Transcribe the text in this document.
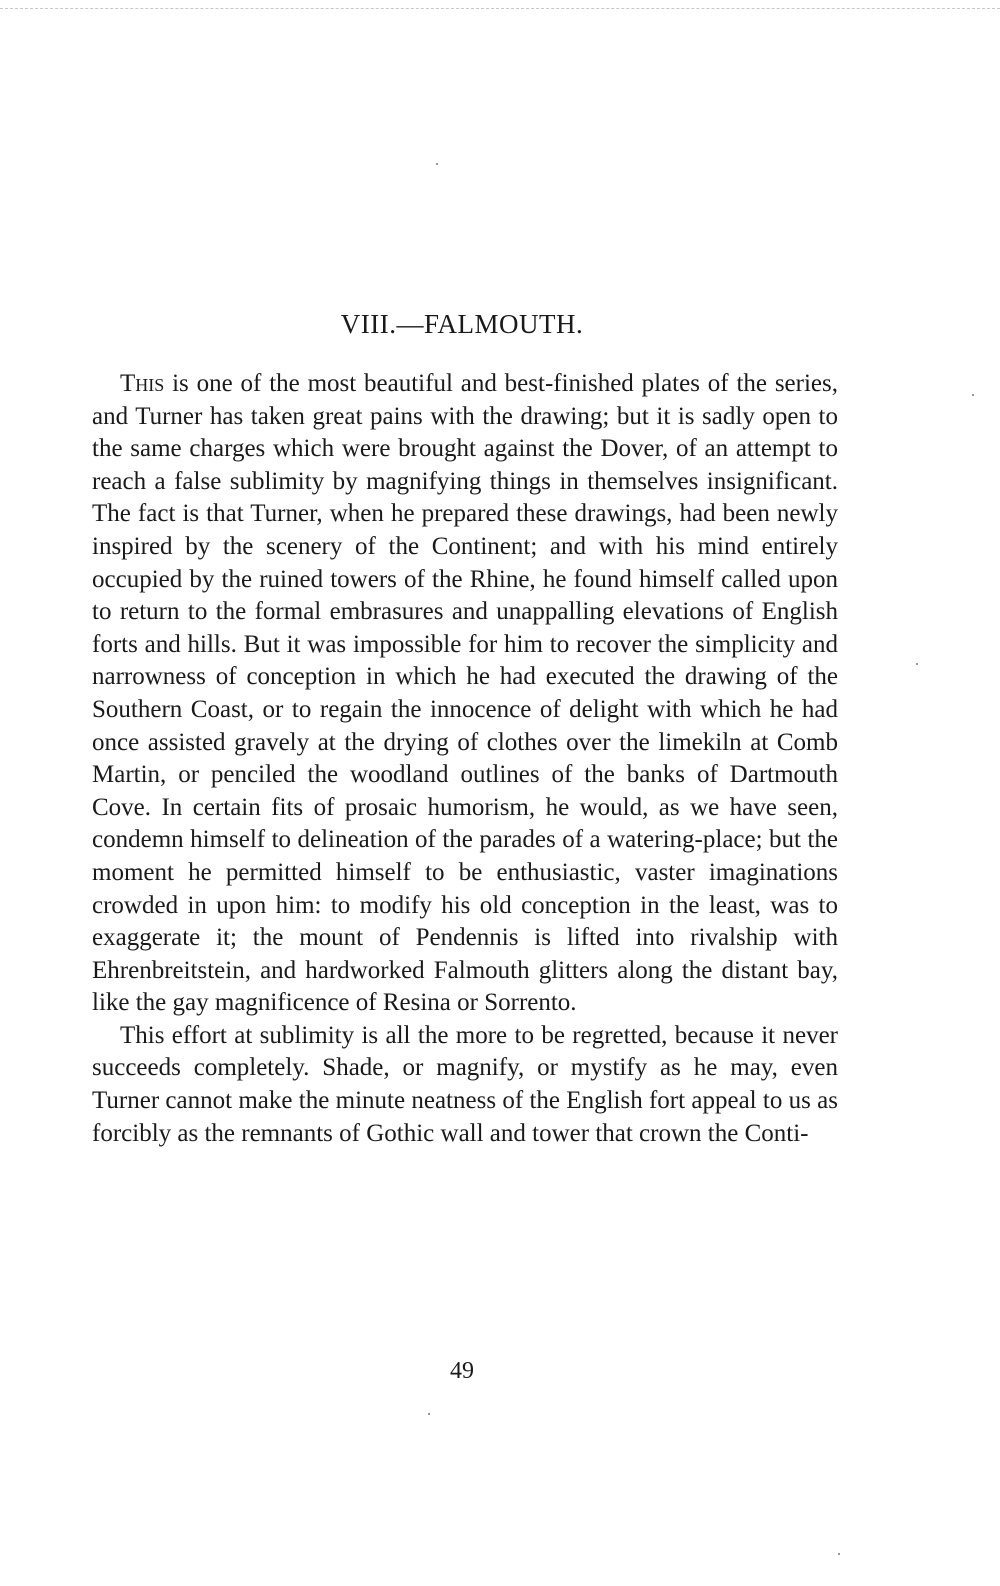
VIII.—FALMOUTH.

This is one of the most beautiful and best-finished plates of the series, and Turner has taken great pains with the drawing; but it is sadly open to the same charges which were brought against the Dover, of an attempt to reach a false sublimity by magnifying things in themselves insignificant. The fact is that Turner, when he prepared these drawings, had been newly inspired by the scenery of the Continent; and with his mind entirely occupied by the ruined towers of the Rhine, he found himself called upon to return to the formal embrasures and unappalling elevations of English forts and hills. But it was impossible for him to recover the simplicity and narrowness of conception in which he had executed the drawing of the Southern Coast, or to regain the innocence of delight with which he had once assisted gravely at the drying of clothes over the limekiln at Comb Martin, or penciled the woodland outlines of the banks of Dartmouth Cove. In certain fits of prosaic humorism, he would, as we have seen, condemn himself to delineation of the parades of a watering-place; but the moment he permitted himself to be enthusiastic, vaster imaginations crowded in upon him: to modify his old conception in the least, was to exaggerate it; the mount of Pendennis is lifted into rivalship with Ehrenbreitstein, and hardworked Falmouth glitters along the distant bay, like the gay magnificence of Resina or Sorrento.

This effort at sublimity is all the more to be regretted, because it never succeeds completely. Shade, or magnify, or mystify as he may, even Turner cannot make the minute neatness of the English fort appeal to us as forcibly as the remnants of Gothic wall and tower that crown the Conti-

49
